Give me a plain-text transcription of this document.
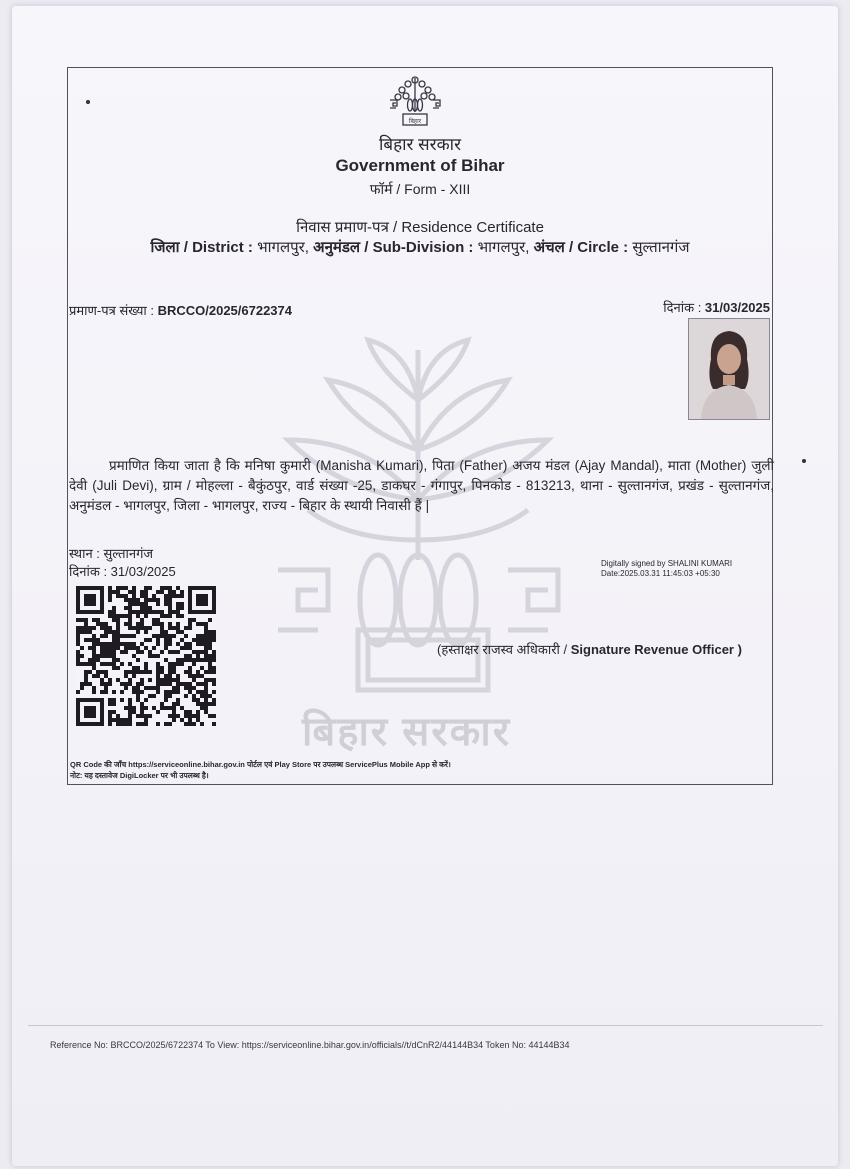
बिहार सरकार
बिहार
बिहार सरकार
Government of Bihar
फॉर्म / Form - XIII
निवास प्रमाण-पत्र / Residence Certificate
जिला / District : भागलपुर, अनुमंडल / Sub-Division : भागलपुर, अंचल / Circle : सुल्तानगंज
प्रमाण-पत्र संख्या : BRCCO/2025/6722374	दिनांक : 31/03/2025
प्रमाणित किया जाता है कि मनिषा कुमारी (Manisha Kumari), पिता (Father) अजय मंडल (Ajay Mandal), माता (Mother) जुली देवी (Juli Devi), ग्राम / मोहल्ला - बैकुंठपुर, वार्ड संख्या -25, डाकघर - गंगापुर, पिनकोड - 813213, थाना - सुल्तानगंज, प्रखंड - सुल्तानगंज, अनुमंडल - भागलपुर, जिला - भागलपुर, राज्य - बिहार के स्थायी निवासी हैं |
स्थान : सुल्तानगंज
दिनांक : 31/03/2025
Digitally signed by SHALINI KUMARI
Date:2025.03.31 11:45:03 +05:30
(हस्ताक्षर राजस्व अधिकारी / Signature Revenue Officer )
QR Code की जाँच https://serviceonline.bihar.gov.in पोर्टल एवं Play Store पर उपलब्ध ServicePlus Mobile App से करें।
नोट: यह दस्तावेज DigiLocker पर भी उपलब्ध है।
Reference No: BRCCO/2025/6722374 To View: https://serviceonline.bihar.gov.in/officials//t/dCnR2/44144B34 Token No: 44144B34
